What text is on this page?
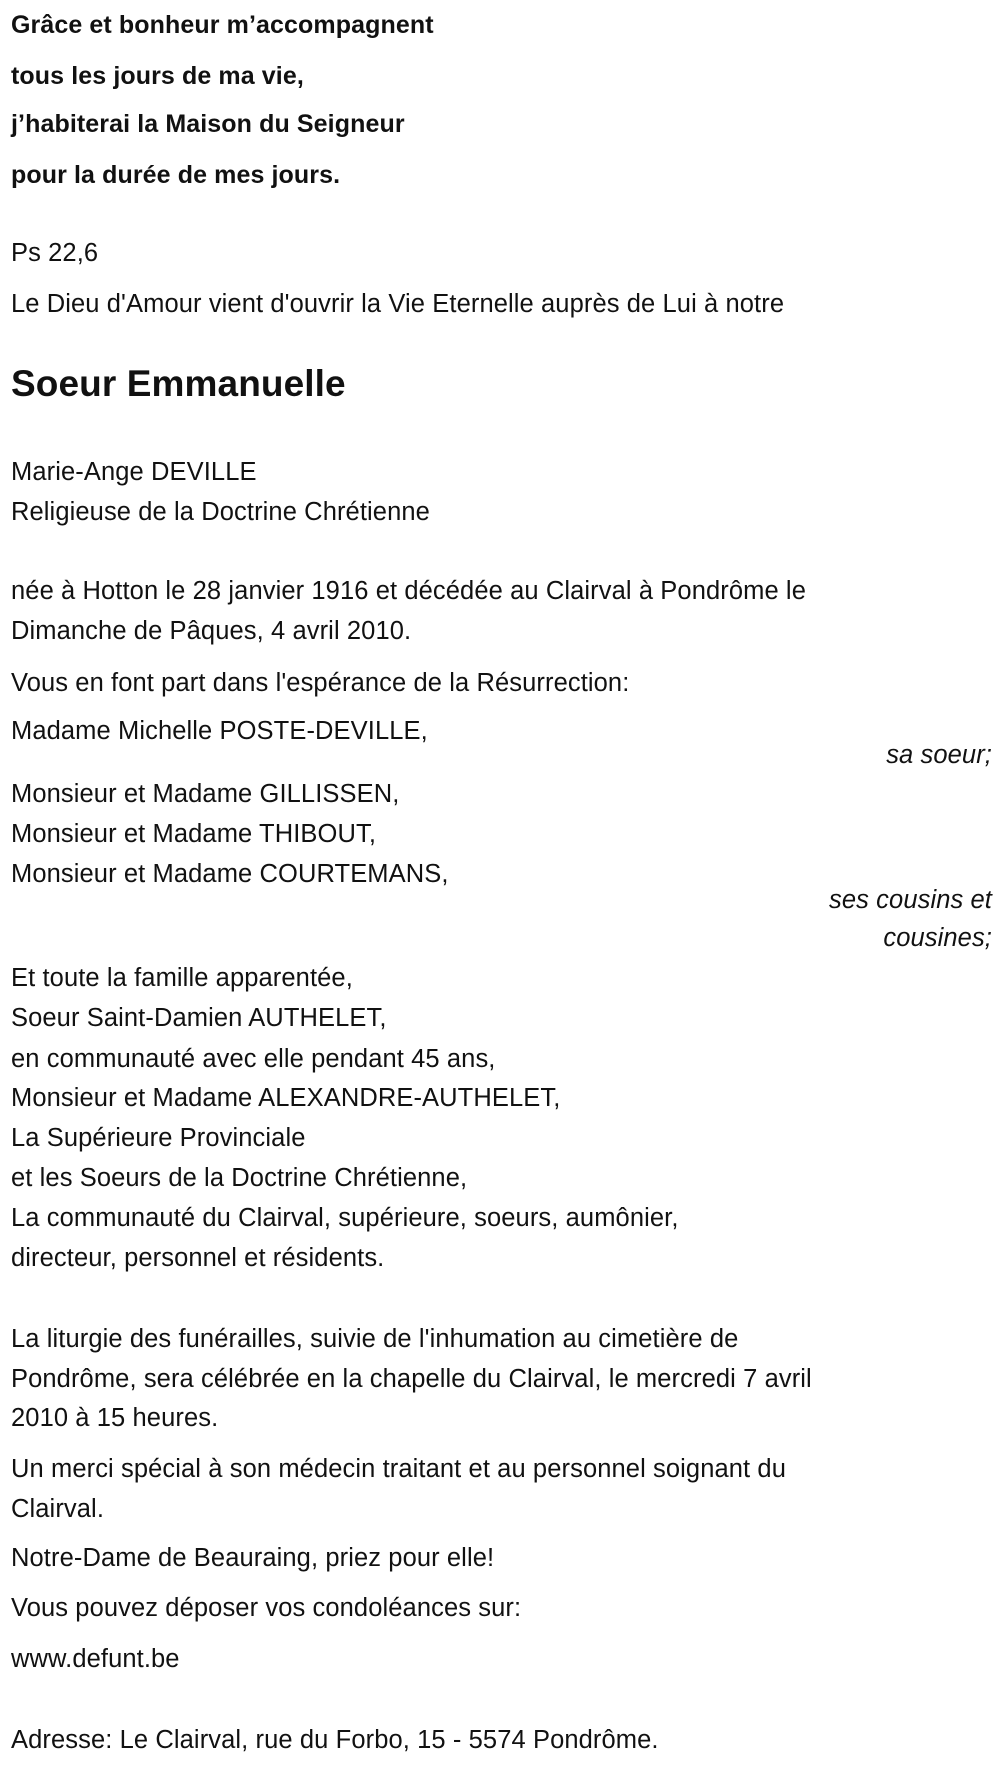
Grâce et bonheur m’accompagnent
tous les jours de ma vie,
j’habiterai la Maison du Seigneur
pour la durée de mes jours.
Ps 22,6
Le Dieu d'Amour vient d'ouvrir la Vie Eternelle auprès de Lui à notre
Soeur Emmanuelle
Marie-Ange DEVILLE
Religieuse de la Doctrine Chrétienne
née à Hotton le 28 janvier 1916 et décédée au Clairval à Pondrôme le
Dimanche de Pâques, 4 avril 2010.
Vous en font part dans l'espérance de la Résurrection:
Madame Michelle POSTE-DEVILLE,
sa soeur;
Monsieur et Madame GILLISSEN,
Monsieur et Madame THIBOUT,
Monsieur et Madame COURTEMANS,
ses cousins et
cousines;
Et toute la famille apparentée,
Soeur Saint-Damien AUTHELET,
en communauté avec elle pendant 45 ans,
Monsieur et Madame ALEXANDRE-AUTHELET,
La Supérieure Provinciale
et les Soeurs de la Doctrine Chrétienne,
La communauté du Clairval, supérieure, soeurs, aumônier,
directeur, personnel et résidents.
La liturgie des funérailles, suivie de l'inhumation au cimetière de
Pondrôme, sera célébrée en la chapelle du Clairval, le mercredi 7 avril
2010 à 15 heures.
Un merci spécial à son médecin traitant et au personnel soignant du
Clairval.
Notre-Dame de Beauraing, priez pour elle!
Vous pouvez déposer vos condoléances sur:
www.defunt.be
Adresse: Le Clairval, rue du Forbo, 15 - 5574 Pondrôme.
